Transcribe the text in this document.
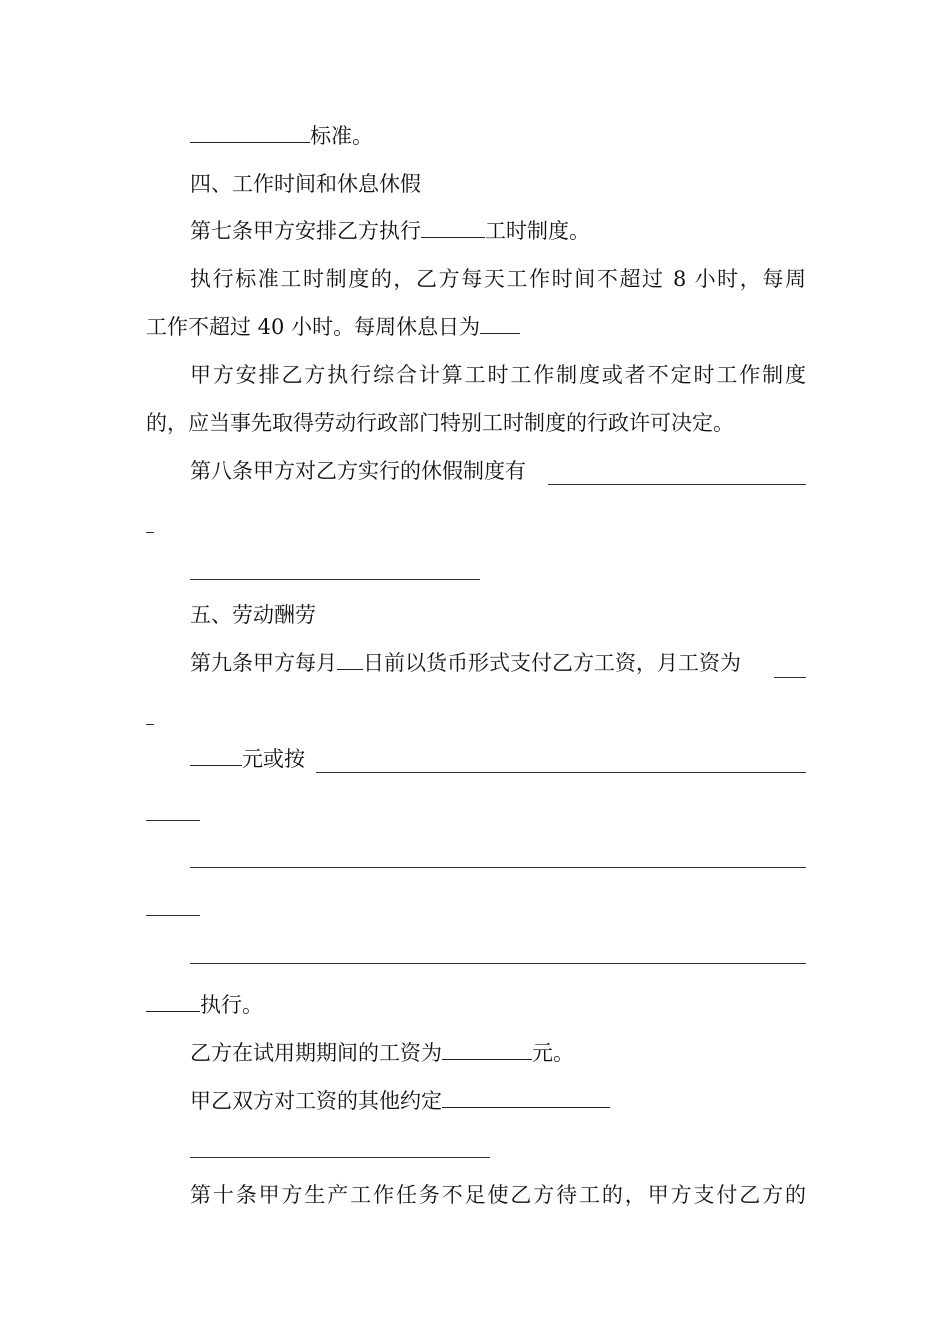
标准。
四、工作时间和休息休假
第七条甲方安排乙方执行	工时制度。
执行标准工时制度的，乙方每天工作时间不超过 8 小时，每周
工作不超过 40 小时。每周休息日为
甲方安排乙方执行综合计算工时工作制度或者不定时工作制度
的，应当事先取得劳动行政部门特别工时制度的行政许可决定。
第八条甲方对乙方实行的休假制度有
五、劳动酬劳
第九条甲方每月 日前以货币形式支付乙方工资，月工资为
元或按
执行。
乙方在试用期期间的工资为	元。
甲乙双方对工资的其他约定
第十条甲方生产工作任务不足使乙方待工的，甲方支付乙方的
